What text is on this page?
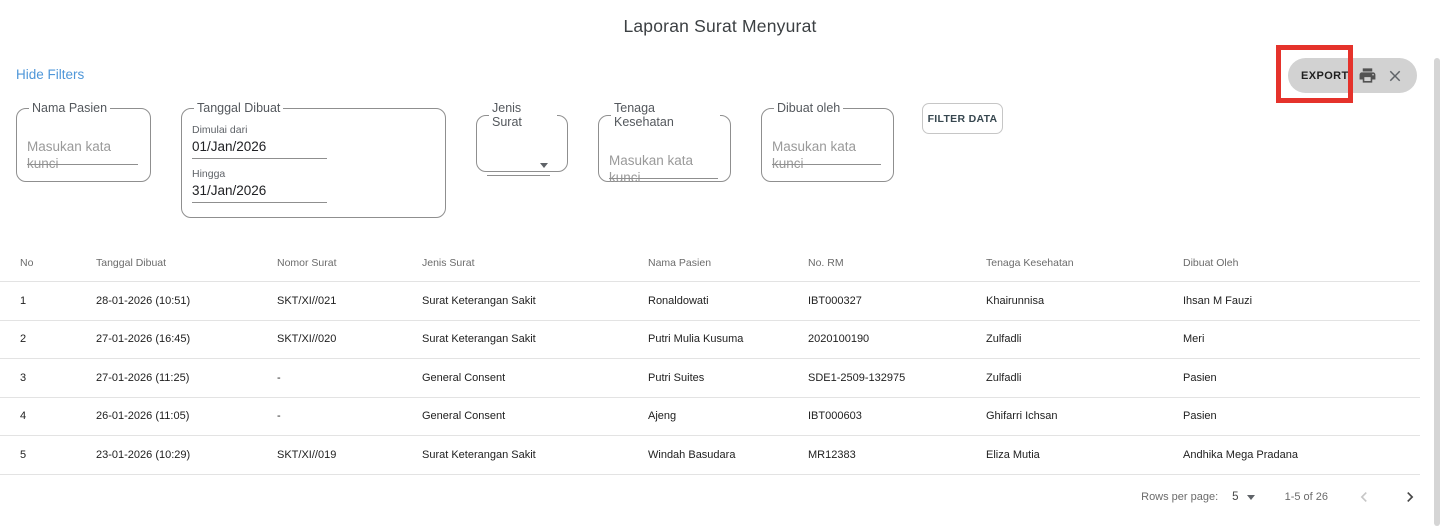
Laporan Surat Menyurat
Hide Filters
Nama Pasien
Masukan kata kunci
Tanggal Dibuat
Dimulai dari
01/Jan/2026
Hingga
31/Jan/2026
Jenis Surat
Tenaga Kesehatan
Masukan kata kunci
Dibuat oleh
Masukan kata kunci
FILTER DATA
EXPORT
No	Tanggal Dibuat	Nomor Surat	Jenis Surat	Nama Pasien	No. RM	Tenaga Kesehatan	Dibuat Oleh
1	28-01-2026 (10:51)	SKT/XI//021	Surat Keterangan Sakit	Ronaldowati	IBT000327	Khairunnisa	Ihsan M Fauzi
2	27-01-2026 (16:45)	SKT/XI//020	Surat Keterangan Sakit	Putri Mulia Kusuma	2020100190	Zulfadli	Meri
3	27-01-2026 (11:25)	-	General Consent	Putri Suites	SDE1-2509-132975	Zulfadli	Pasien
4	26-01-2026 (11:05)	-	General Consent	Ajeng	IBT000603	Ghifarri Ichsan	Pasien
5	23-01-2026 (10:29)	SKT/XI//019	Surat Keterangan Sakit	Windah Basudara	MR12383	Eliza Mutia	Andhika Mega Pradana
Rows per page: 5	1-5 of 26
